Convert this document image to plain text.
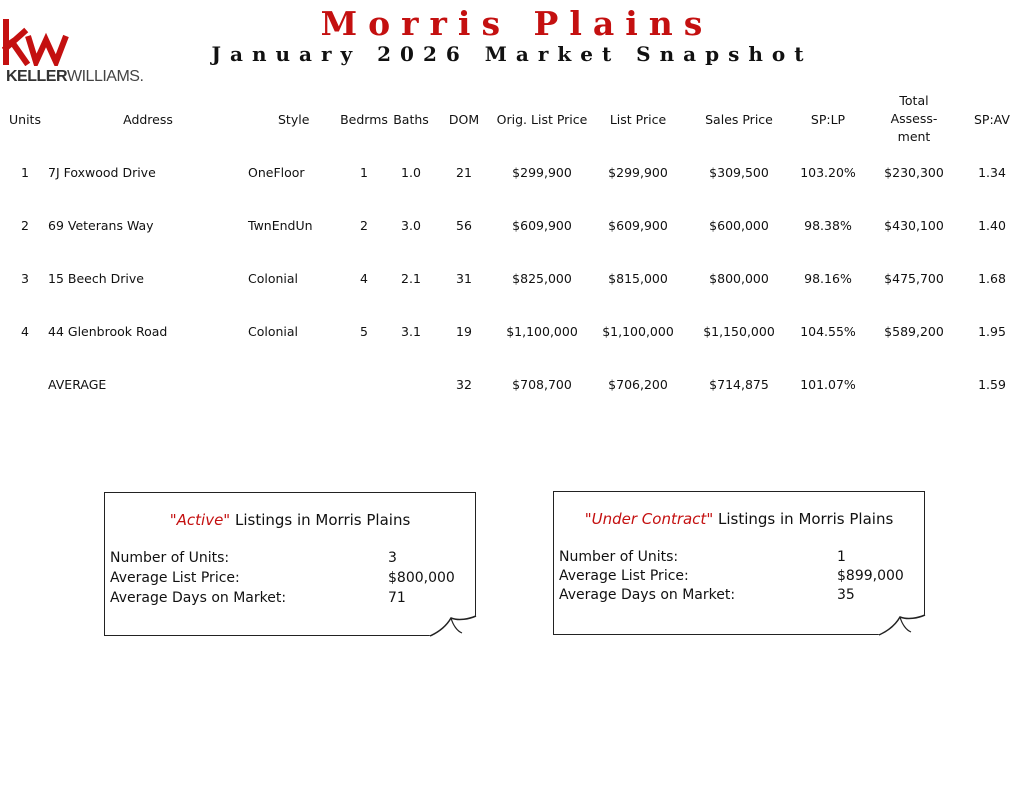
KELLERWILLIAMS.
Morris Plains
January 2026 Market Snapshot
Units	Address	Style	Bedrms	Baths	DOM	Orig. List Price	List Price	Sales Price	SP:LP	Total Assess-ment	SP:AV
1	7J Foxwood Drive	OneFloor	1	1.0	21	$299,900	$299,900	$309,500	103.20%	$230,300	1.34
2	69 Veterans Way	TwnEndUn	2	3.0	56	$609,900	$609,900	$600,000	98.38%	$430,100	1.40
3	15 Beech Drive	Colonial	4	2.1	31	$825,000	$815,000	$800,000	98.16%	$475,700	1.68
4	44 Glenbrook Road	Colonial	5	3.1	19	$1,100,000	$1,100,000	$1,150,000	104.55%	$589,200	1.95
	AVERAGE				32	$708,700	$706,200	$714,875	101.07%		1.59
"Active" Listings in Morris Plains
Number of Units:	3
Average List Price:	$800,000
Average Days on Market:	71
"Under Contract" Listings in Morris Plains
Number of Units:	1
Average List Price:	$899,000
Average Days on Market:	35
